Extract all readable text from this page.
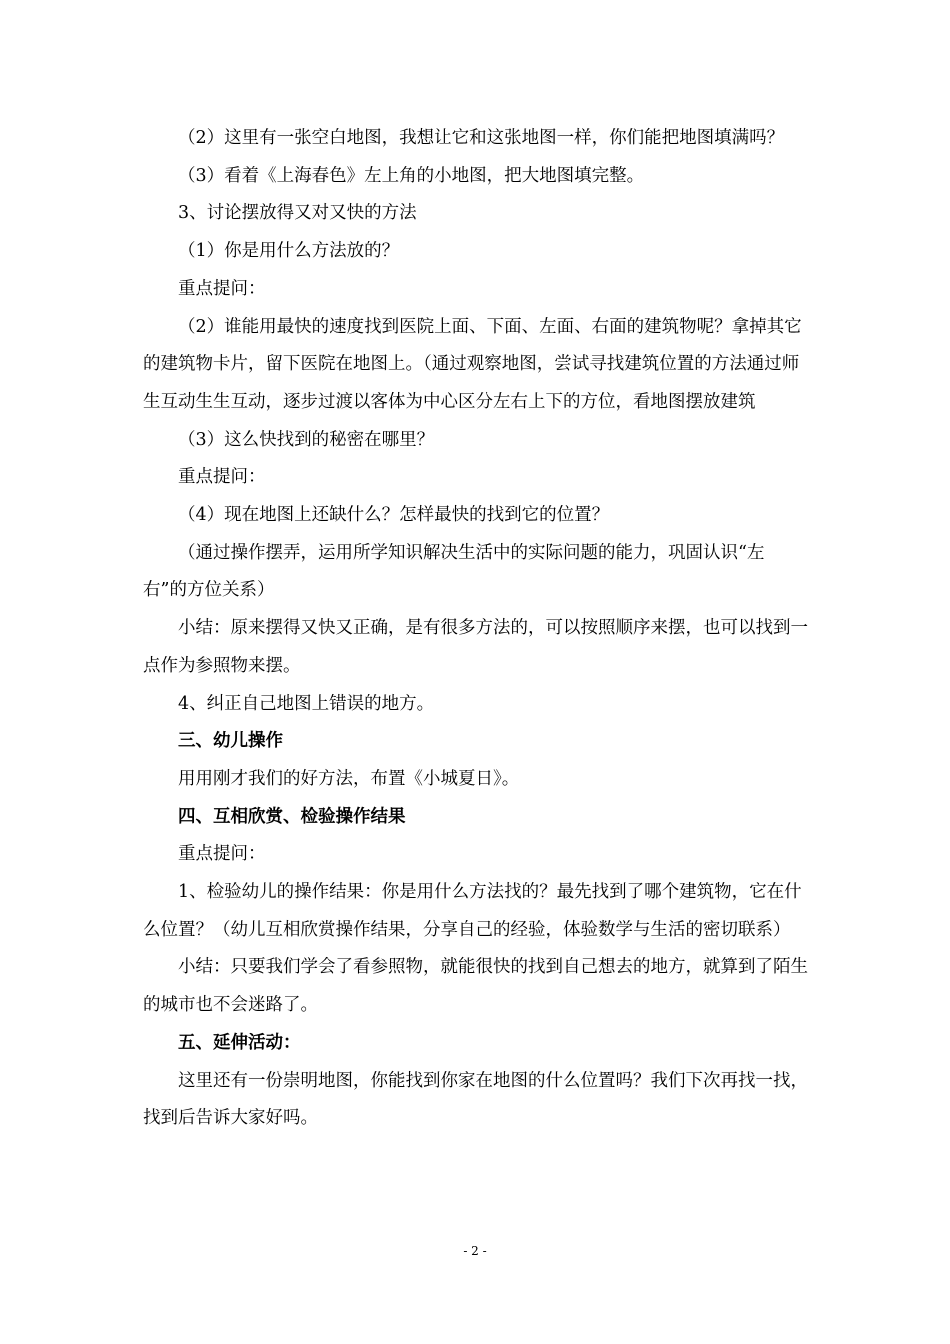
（2）这里有一张空白地图，我想让它和这张地图一样，你们能把地图填满吗？

（3）看着《上海春色》左上角的小地图，把大地图填完整。

3、讨论摆放得又对又快的方法

（1）你是用什么方法放的？

重点提问：

（2）谁能用最快的速度找到医院上面、下面、左面、右面的建筑物呢？拿掉其它的建筑物卡片，留下医院在地图上。（通过观察地图，尝试寻找建筑位置的方法通过师生互动生生互动，逐步过渡以客体为中心区分左右上下的方位，看地图摆放建筑

（3）这么快找到的秘密在哪里？

重点提问：

（4）现在地图上还缺什么？怎样最快的找到它的位置？

（通过操作摆弄，运用所学知识解决生活中的实际问题的能力，巩固认识“左右”的方位关系）

小结：原来摆得又快又正确，是有很多方法的，可以按照顺序来摆，也可以找到一点作为参照物来摆。

4、纠正自己地图上错误的地方。

三、幼儿操作

用用刚才我们的好方法，布置《小城夏日》。

四、互相欣赏、检验操作结果

重点提问：

1、检验幼儿的操作结果：你是用什么方法找的？最先找到了哪个建筑物，它在什么位置？（幼儿互相欣赏操作结果，分享自己的经验，体验数学与生活的密切联系）

小结：只要我们学会了看参照物，就能很快的找到自己想去的地方，就算到了陌生的城市也不会迷路了。

五、延伸活动：

这里还有一份崇明地图，你能找到你家在地图的什么位置吗？我们下次再找一找，找到后告诉大家好吗。

- 2 -
